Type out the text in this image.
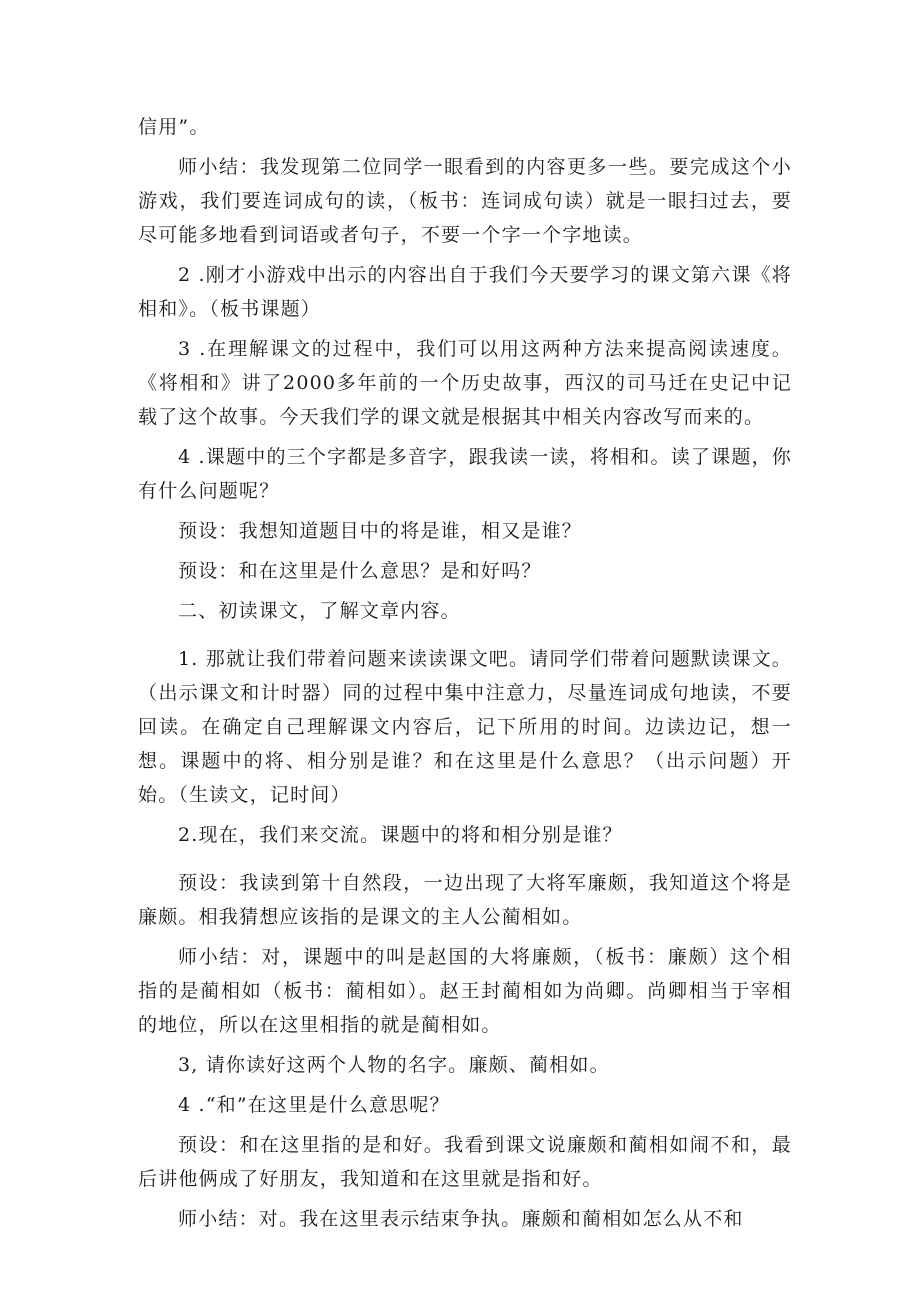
信用”。

师小结：我发现第二位同学一眼看到的内容更多一些。要完成这个小游戏，我们要连词成句的读，（板书：连词成句读）就是一眼扫过去，要尽可能多地看到词语或者句子，不要一个字一个字地读。

2 .刚才小游戏中出示的内容出自于我们今天要学习的课文第六课《将相和》。（板书课题）

3 .在理解课文的过程中，我们可以用这两种方法来提高阅读速度。《将相和》讲了2000多年前的一个历史故事，西汉的司马迁在史记中记载了这个故事。今天我们学的课文就是根据其中相关内容改写而来的。

4 .课题中的三个字都是多音字，跟我读一读，将相和。读了课题，你有什么问题呢？

预设：我想知道题目中的将是谁，相又是谁？

预设：和在这里是什么意思？是和好吗？

二、初读课文，了解文章内容。

1. 那就让我们带着问题来读读课文吧。请同学们带着问题默读课文。（出示课文和计时器）同的过程中集中注意力，尽量连词成句地读，不要回读。在确定自己理解课文内容后，记下所用的时间。边读边记，想一想。课题中的将、相分别是谁？和在这里是什么意思？（出示问题）开始。（生读文，记时间）

2.现在，我们来交流。课题中的将和相分别是谁？

预设：我读到第十自然段，一边出现了大将军廉颇，我知道这个将是廉颇。相我猜想应该指的是课文的主人公蔺相如。

师小结：对，课题中的叫是赵国的大将廉颇，（板书：廉颇）这个相指的是蔺相如（板书：蔺相如）。赵王封蔺相如为尚卿。尚卿相当于宰相的地位，所以在这里相指的就是蔺相如。

3, 请你读好这两个人物的名字。廉颇、蔺相如。

4 .“和”在这里是什么意思呢？

预设：和在这里指的是和好。我看到课文说廉颇和蔺相如闹不和，最后讲他俩成了好朋友，我知道和在这里就是指和好。

师小结：对。我在这里表示结束争执。廉颇和蔺相如怎么从不和
